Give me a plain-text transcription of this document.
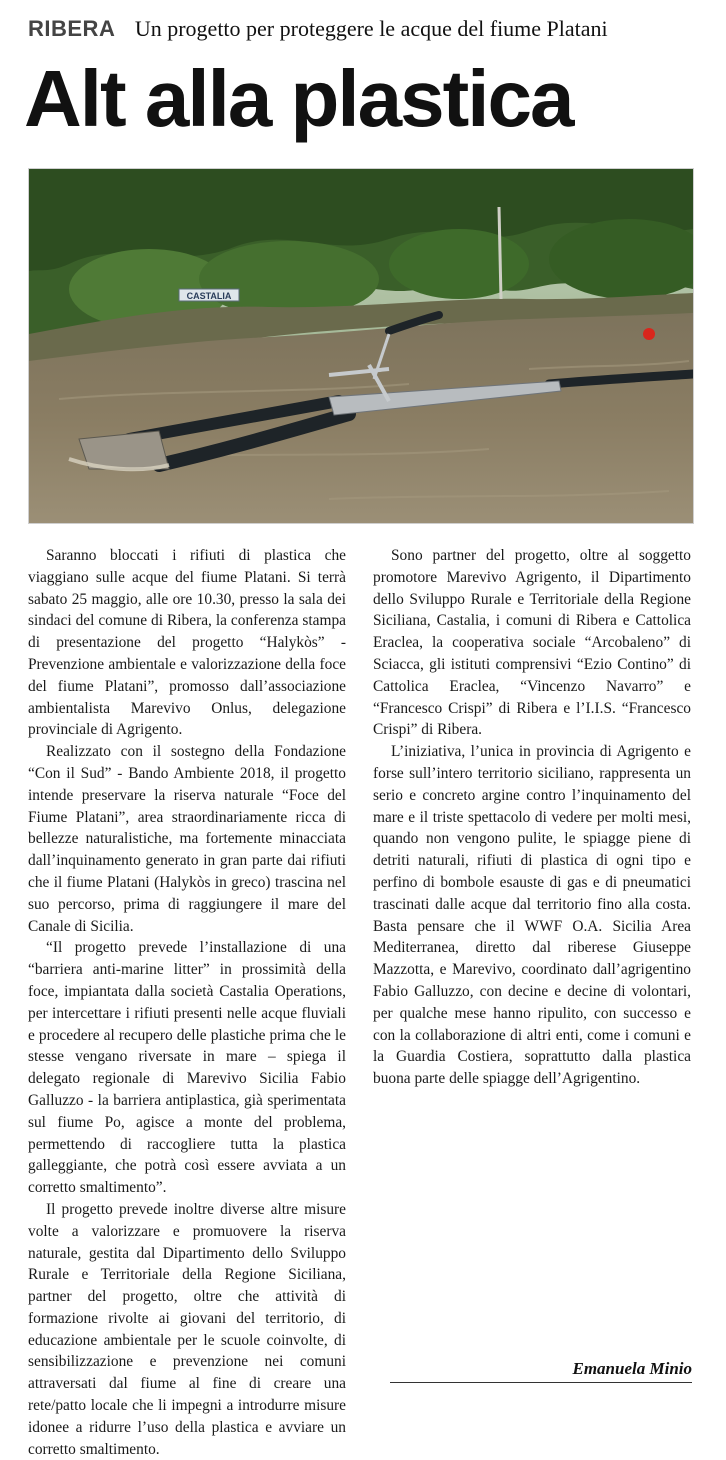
RIBERA Un progetto per proteggere le acque del fiume Platani
Alt alla plastica
CASTALIA

Saranno bloccati i rifiuti di plastica che viaggiano sulle acque del fiume Platani. Si terrà sabato 25 maggio, alle ore 10.30, presso la sala dei sindaci del comune di Ribera, la conferenza stampa di presentazione del progetto “Halykòs” - Prevenzione ambientale e valorizzazione della foce del fiume Platani”, promosso dall’associazione ambientalista Marevivo Onlus, delegazione provinciale di Agrigento.

Realizzato con il sostegno della Fondazione “Con il Sud” - Bando Ambiente 2018, il progetto intende preservare la riserva naturale “Foce del Fiume Platani”, area straordinariamente ricca di bellezze naturalistiche, ma fortemente minacciata dall’inquinamento generato in gran parte dai rifiuti che il fiume Platani (Halykòs in greco) trascina nel suo percorso, prima di raggiungere il mare del Canale di Sicilia.

“Il progetto prevede l’installazione di una “barriera anti-marine litter” in prossimità della foce, impiantata dalla società Castalia Operations, per intercettare i rifiuti presenti nelle acque fluviali e procedere al recupero delle plastiche prima che le stesse vengano riversate in mare – spiega il delegato regionale di Marevivo Sicilia Fabio Galluzzo - la barriera antiplastica, già sperimentata sul fiume Po, agisce a monte del problema, permettendo di raccogliere tutta la plastica galleggiante, che potrà così essere avviata a un corretto smaltimento”.

Il progetto prevede inoltre diverse altre misure volte a valorizzare e promuovere la riserva naturale, gestita dal Dipartimento dello Sviluppo Rurale e Territoriale della Regione Siciliana, partner del progetto, oltre che attività di formazione rivolte ai giovani del territorio, di educazione ambientale per le scuole coinvolte, di sensibilizzazione e prevenzione nei comuni attraversati dal fiume al fine di creare una rete/patto locale che li impegni a introdurre misure idonee a ridurre l’uso della plastica e avviare un corretto smaltimento.

Sono partner del progetto, oltre al soggetto promotore Marevivo Agrigento, il Dipartimento dello Sviluppo Rurale e Territoriale della Regione Siciliana, Castalia, i comuni di Ribera e Cattolica Eraclea, la cooperativa sociale “Arcobaleno” di Sciacca, gli istituti comprensivi “Ezio Contino” di Cattolica Eraclea, “Vincenzo Navarro” e “Francesco Crispi” di Ribera e l’I.I.S. “Francesco Crispi” di Ribera.

L’iniziativa, l’unica in provincia di Agrigento e forse sull’intero territorio siciliano, rappresenta un serio e concreto argine contro l’inquinamento del mare e il triste spettacolo di vedere per molti mesi, quando non vengono pulite, le spiagge piene di detriti naturali, rifiuti di plastica di ogni tipo e perfino di bombole esauste di gas e di pneumatici trascinati dalle acque dal territorio fino alla costa. Basta pensare che il WWF O.A. Sicilia Area Mediterranea, diretto dal riberese Giuseppe Mazzotta, e Marevivo, coordinato dall’agrigentino Fabio Galluzzo, con decine e decine di volontari, per qualche mese hanno ripulito, con successo e con la collaborazione di altri enti, come i comuni e la Guardia Costiera, soprattutto dalla plastica buona parte delle spiagge dell’Agrigentino.

Emanuela Minio
